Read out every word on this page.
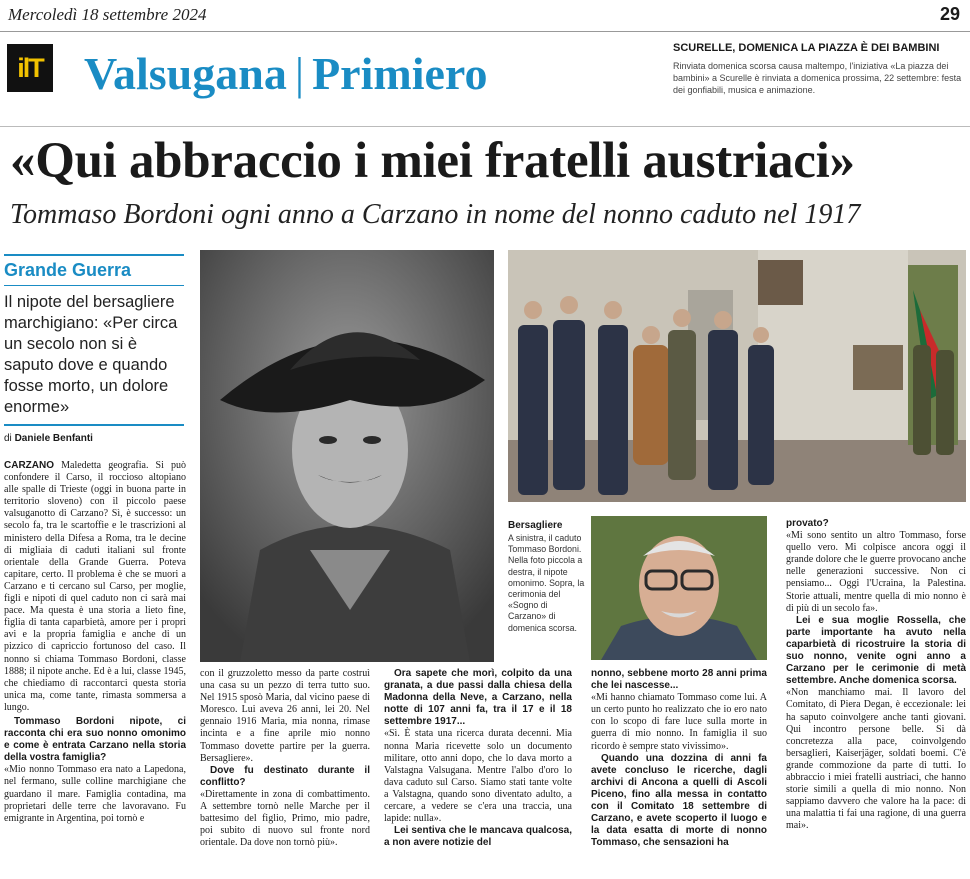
Mercoledì 18 settembre 2024	29
ilT Valsugana | Primiero	SCURELLE, DOMENICA LA PIAZZA È DEI BAMBINI
Rinviata domenica scorsa causa maltempo, l'iniziativa «La piazza dei bambini» a Scurelle è rinviata a domenica prossima, 22 settembre: festa dei gonfiabili, musica e animazione.
«Qui abbraccio i miei fratelli austriaci»
Tommaso Bordoni ogni anno a Carzano in nome del nonno caduto nel 1917
Grande Guerra
Il nipote del bersagliere marchigiano: «Per circa un secolo non si è saputo dove e quando fosse morto, un dolore enorme»
di Daniele Benfanti

CARZANO Maledetta geografia. Si può confondere il Carso, il roccioso altopiano alle spalle di Trieste (oggi in buona parte in territorio sloveno) con il piccolo paese valsuganotto di Carzano? Sì, è successo: un secolo fa, tra le scartoffie e le trascrizioni al ministero della Difesa a Roma, tra le decine di migliaia di caduti italiani sul fronte orientale della Grande Guerra. Poteva capitare, certo. Il problema è che se muori a Carzano e ti cercano sul Carso, per moglie, figli e nipoti di quel caduto non ci sarà mai pace. Ma questa è una storia a lieto fine, figlia di tanta caparbietà, amore per i propri avi e la propria famiglia e anche di un pizzico di capriccio fortunoso del caso. Il nonno si chiama Tommaso Bordoni, classe 1888; il nipote anche. Ed è a lui, classe 1945, che chiediamo di raccontarci questa storia unica ma, come tante, rimasta sommersa a lungo.

Tommaso Bordoni nipote, ci racconta chi era suo nonno omonimo e come è entrata Carzano nella storia della vostra famiglia?

«Mio nonno Tommaso era nato a Lapedona, nel fermano, sulle colline marchigiane che guardano il mare. Famiglia contadina, ma proprietari delle terre che lavoravano. Fu emigrante in Argentina, poi tornò e

Bersagliere
A sinistra, il caduto Tommaso Bordoni. Nella foto piccola a destra, il nipote omonimo. Sopra, la cerimonia del «Sogno di Carzano» di domenica scorsa.

con il gruzzoletto messo da parte costruì una casa su un pezzo di terra tutto suo. Nel 1915 sposò Maria, dal vicino paese di Moresco. Lui aveva 26 anni, lei 20. Nel gennaio 1916 Maria, mia nonna, rimase incinta e a fine aprile mio nonno Tommaso dovette partire per la guerra. Bersagliere».

Dove fu destinato durante il conflitto?

«Direttamente in zona di combattimento. A settembre tornò nelle Marche per il battesimo del figlio, Primo, mio padre, poi subito di nuovo sul fronte nord orientale. Da dove non tornò più».

Ora sapete che morì, colpito da una granata, a due passi dalla chiesa della Madonna della Neve, a Carzano, nella notte di 107 anni fa, tra il 17 e il 18 settembre 1917...

«Sì. È stata una ricerca durata decenni. Mia nonna Maria ricevette solo un documento militare, otto anni dopo, che lo dava morto a Valstagna Valsugana. Mentre l'albo d'oro lo dava caduto sul Carso. Siamo stati tante volte a Valstagna, quando sono diventato adulto, a cercare, a vedere se c'era una traccia, una lapide: nulla».

Lei sentiva che le mancava qualcosa, a non avere notizie del

nonno, sebbene morto 28 anni prima che lei nascesse...

«Mi hanno chiamato Tommaso come lui. A un certo punto ho realizzato che io ero nato con lo scopo di fare luce sulla morte in guerra di mio nonno. In famiglia il suo ricordo è sempre stato vivissimo».

Quando una dozzina di anni fa avete concluso le ricerche, dagli archivi di Ancona a quelli di Ascoli Piceno, fino alla messa in contatto con il Comitato 18 settembre di Carzano, e avete scoperto il luogo e la data esatta di morte di nonno Tommaso, che sensazioni ha

provato?

«Mi sono sentito un altro Tommaso, forse quello vero. Mi colpisce ancora oggi il grande dolore che le guerre provocano anche nelle generazioni successive. Non ci pensiamo... Oggi l'Ucraina, la Palestina. Storie attuali, mentre quella di mio nonno è di più di un secolo fa».

Lei e sua moglie Rossella, che parte importante ha avuto nella caparbietà di ricostruire la storia di suo nonno, venite ogni anno a Carzano per le cerimonie di metà settembre. Anche domenica scorsa.

«Non manchiamo mai. Il lavoro del Comitato, di Piera Degan, è eccezionale: lei ha saputo coinvolgere anche tanti giovani. Qui incontro persone belle. Si dà concretezza alla pace, coinvolgendo bersaglieri, Kaiserjäger, soldati boemi. C'è grande commozione da parte di tutti. Io abbraccio i miei fratelli austriaci, che hanno storie simili a quella di mio nonno. Non sappiamo davvero che valore ha la pace: di una malattia ti fai una ragione, di una guerra mai».
